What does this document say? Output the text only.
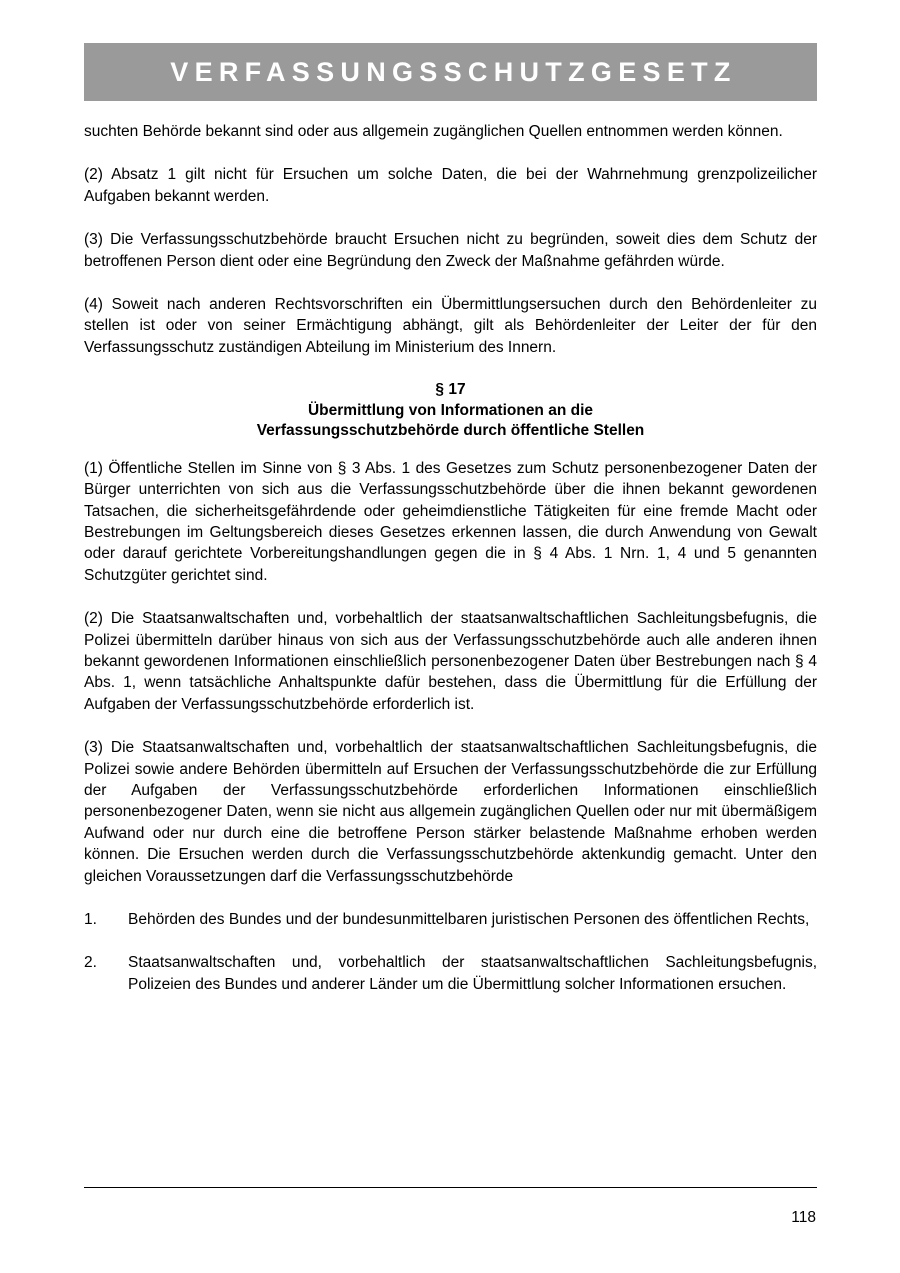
VERFASSUNGSSCHUTZGESETZ

suchten Behörde bekannt sind oder aus allgemein zugänglichen Quellen entnommen werden können.

(2) Absatz 1 gilt nicht für Ersuchen um solche Daten, die bei der Wahrnehmung grenzpolizeilicher Aufgaben bekannt werden.

(3) Die Verfassungsschutzbehörde braucht Ersuchen nicht zu begründen, soweit dies dem Schutz der betroffenen Person dient oder eine Begründung den Zweck der Maßnahme gefährden würde.

(4) Soweit nach anderen Rechtsvorschriften ein Übermittlungsersuchen durch den Behördenleiter zu stellen ist oder von seiner Ermächtigung abhängt, gilt als Behördenleiter der Leiter der für den Verfassungsschutz zuständigen Abteilung im Ministerium des Innern.

§ 17
Übermittlung von Informationen an die
Verfassungsschutzbehörde durch öffentliche Stellen

(1) Öffentliche Stellen im Sinne von § 3 Abs. 1 des Gesetzes zum Schutz personenbezogener Daten der Bürger unterrichten von sich aus die Verfassungsschutzbehörde über die ihnen bekannt gewordenen Tatsachen, die sicherheitsgefährdende oder geheimdienstliche Tätigkeiten für eine fremde Macht oder Bestrebungen im Geltungsbereich dieses Gesetzes erkennen lassen, die durch Anwendung von Gewalt oder darauf gerichtete Vorbereitungshandlungen gegen die in § 4 Abs. 1 Nrn. 1, 4 und 5 genannten Schutzgüter gerichtet sind.

(2) Die Staatsanwaltschaften und, vorbehaltlich der staatsanwaltschaftlichen Sachleitungsbefugnis, die Polizei übermitteln darüber hinaus von sich aus der Verfassungsschutzbehörde auch alle anderen ihnen bekannt gewordenen Informationen einschließlich personenbezogener Daten über Bestrebungen nach § 4 Abs. 1, wenn tatsächliche Anhaltspunkte dafür bestehen, dass die Übermittlung für die Erfüllung der Aufgaben der Verfassungsschutzbehörde erforderlich ist.

(3) Die Staatsanwaltschaften und, vorbehaltlich der staatsanwaltschaftlichen Sachleitungsbefugnis, die Polizei sowie andere Behörden übermitteln auf Ersuchen der Verfassungsschutzbehörde die zur Erfüllung der Aufgaben der Verfassungsschutzbehörde erforderlichen Informationen einschließlich personenbezogener Daten, wenn sie nicht aus allgemein zugänglichen Quellen oder nur mit übermäßigem Aufwand oder nur durch eine die betroffene Person stärker belastende Maßnahme erhoben werden können. Die Ersuchen werden durch die Verfassungsschutzbehörde aktenkundig gemacht. Unter den gleichen Voraussetzungen darf die Verfassungsschutzbehörde

1.	Behörden des Bundes und der bundesunmittelbaren juristischen Personen des öffentlichen Rechts,
2.	Staatsanwaltschaften und, vorbehaltlich der staatsanwaltschaftlichen Sachleitungsbefugnis, Polizeien des Bundes und anderer Länder um die Übermittlung solcher Informationen ersuchen.
118
